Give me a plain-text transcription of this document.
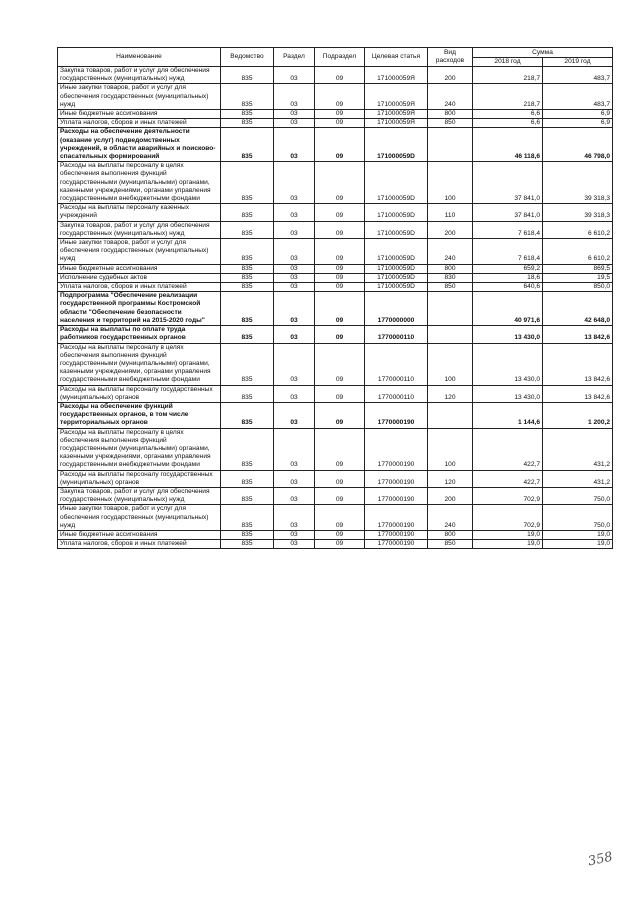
Наименование	Ведомство	Раздел	Подраздел	Целевая статья	Вид расходов	Сумма	
						2018 год	2019 год
Закупка товаров, работ и услуг для обеспечения государственных (муниципальных) нужд	835	03	09	171000059Я	200	218,7	483,7
Иные закупки товаров, работ и услуг для обеспечения государственных (муниципальных) нужд	835	03	09	171000059Я	240	218,7	483,7
Иные бюджетные ассигнования	835	03	09	171000059Я	800	6,6	6,9
Уплата налогов, сборов и иных платежей	835	03	09	171000059Я	850	6,6	6,9
Расходы на обеспечение деятельности (оказание услуг) подведомственных учреждений, в области аварийных и поисково-спасательных формирований	835	03	09	171000059D		46 118,6	46 798,0
Расходы на выплаты персоналу в целях обеспечения выполнения функций государственными (муниципальными) органами, казенными учреждениями, органами управления государственными внебюджетными фондами	835	03	09	171000059D	100	37 841,0	39 318,3
Расходы на выплаты персоналу казенных учреждений	835	03	09	171000059D	110	37 841,0	39 318,3
Закупка товаров, работ и услуг для обеспечения государственных (муниципальных) нужд	835	03	09	171000059D	200	7 618,4	6 610,2
Иные закупки товаров, работ и услуг для обеспечения государственных (муниципальных) нужд	835	03	09	171000059D	240	7 618,4	6 610,2
Иные бюджетные ассигнования	835	03	09	171000059D	800	659,2	869,5
Исполнение судебных актов	835	03	09	171000059D	830	18,6	19,5
Уплата налогов, сборов и иных платежей	835	03	09	171000059D	850	640,6	850,0
Подпрограмма "Обеспечение реализации государственной программы Костромской области "Обеспечение безопасности населения и территорий на 2015-2020 годы"	835	03	09	1770000000		40 971,6	42 648,0
Расходы на выплаты по оплате труда работников государственных органов	835	03	09	1770000110		13 430,0	13 842,6
Расходы на выплаты персоналу в целях обеспечения выполнения функций государственными (муниципальными) органами, казенными учреждениями, органами управления государственными внебюджетными фондами	835	03	09	1770000110	100	13 430,0	13 842,6
Расходы на выплаты персоналу государственных (муниципальных) органов	835	03	09	1770000110	120	13 430,0	13 842,6
Расходы на обеспечение функций государственных органов, в том числе территориальных органов	835	03	09	1770000190		1 144,6	1 200,2
Расходы на выплаты персоналу в целях обеспечения выполнения функций государственными (муниципальными) органами, казенными учреждениями, органами управления государственными внебюджетными фондами	835	03	09	1770000190	100	422,7	431,2
Расходы на выплаты персоналу государственных (муниципальных) органов	835	03	09	1770000190	120	422,7	431,2
Закупка товаров, работ и услуг для обеспечения государственных (муниципальных) нужд	835	03	09	1770000190	200	702,9	750,0
Иные закупки товаров, работ и услуг для обеспечения государственных (муниципальных) нужд	835	03	09	1770000190	240	702,9	750,0
Иные бюджетные ассигнования	835	03	09	1770000190	800	19,0	19,0
Уплата налогов, сборов и иных платежей	835	03	09	1770000190	850	19,0	19,0
358
